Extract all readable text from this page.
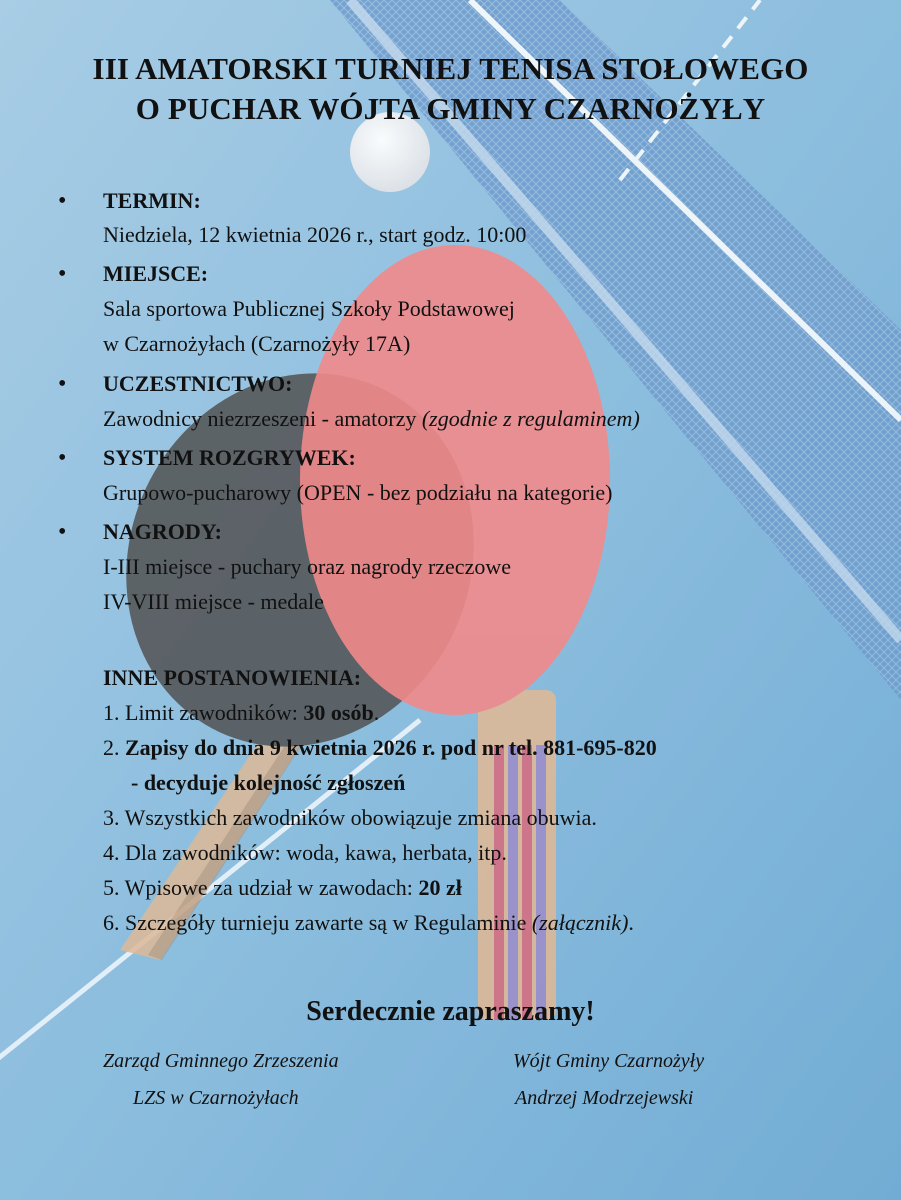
III AMATORSKI TURNIEJ TENISA STOŁOWEGO
O PUCHAR WÓJTA GMINY CZARNOŻYŁY
• TERMIN:
Niedziela, 12 kwietnia 2026 r., start godz. 10:00
• MIEJSCE:
Sala sportowa Publicznej Szkoły Podstawowej
w Czarnożyłach (Czarnożyły 17A)
• UCZESTNICTWO:
Zawodnicy niezrzeszeni - amatorzy (zgodnie z regulaminem)
• SYSTEM ROZGRYWEK:
Grupowo-pucharowy (OPEN - bez podziału na kategorie)
• NAGRODY:
I-III miejsce - puchary oraz nagrody rzeczowe
IV-VIII miejsce - medale
INNE POSTANOWIENIA:
1. Limit zawodników: 30 osób.
2. Zapisy do dnia 9 kwietnia 2026 r. pod nr tel. 881-695-820
- decyduje kolejność zgłoszeń
3. Wszystkich zawodników obowiązuje zmiana obuwia.
4. Dla zawodników: woda, kawa, herbata, itp.
5. Wpisowe za udział w zawodach: 20 zł
6. Szczegóły turnieju zawarte są w Regulaminie (załącznik).
Serdecznie zapraszamy!
Zarząd Gminnego Zrzeszenia
LZS w Czarnożyłach
Wójt Gminy Czarnożyły
Andrzej Modrzejewski
